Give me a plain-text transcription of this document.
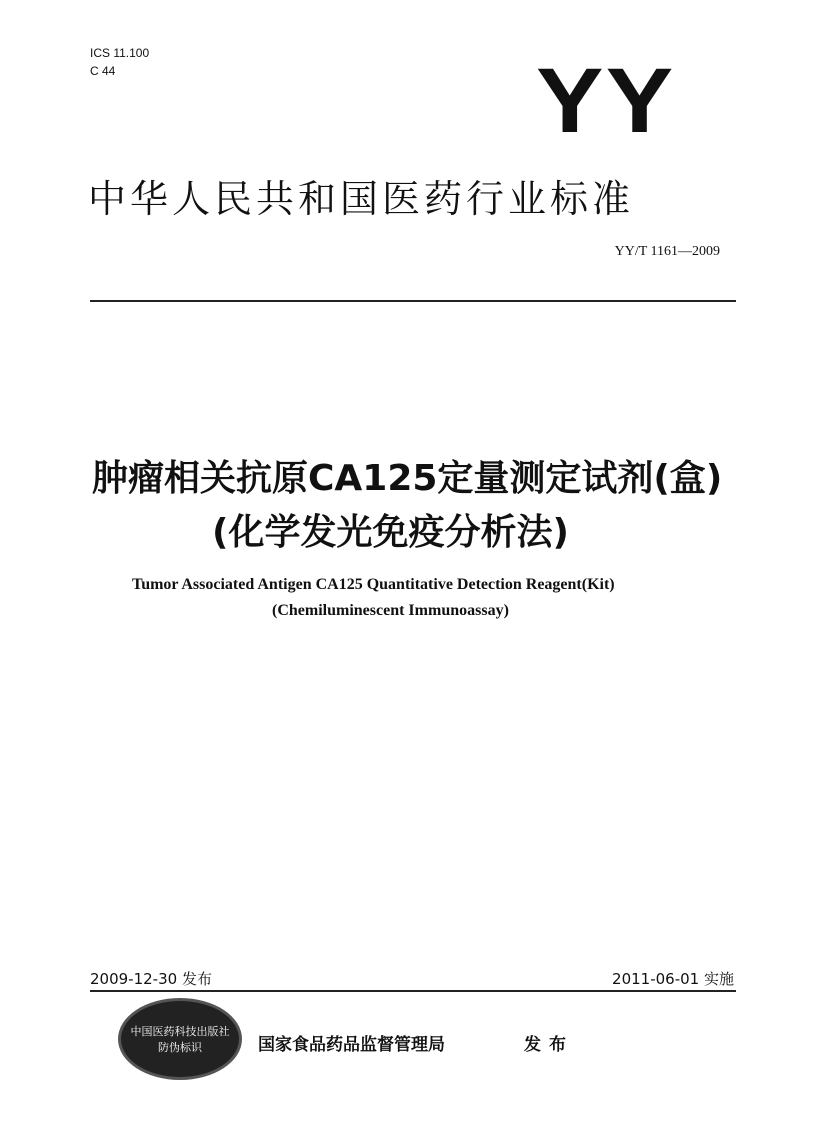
ICS 11.100
C 44	YY
中华人民共和国医药行业标准
YY/T 1161—2009
肿瘤相关抗原CA125定量测定试剂(盒)
(化学发光免疫分析法)
Tumor Associated Antigen CA125 Quantitative Detection Reagent(Kit)
(Chemiluminescent Immunoassay)
2009-12-30 发布	2011-06-01 实施
中国医药科技出版社
防伪标识	国家食品药品监督管理局	发布
